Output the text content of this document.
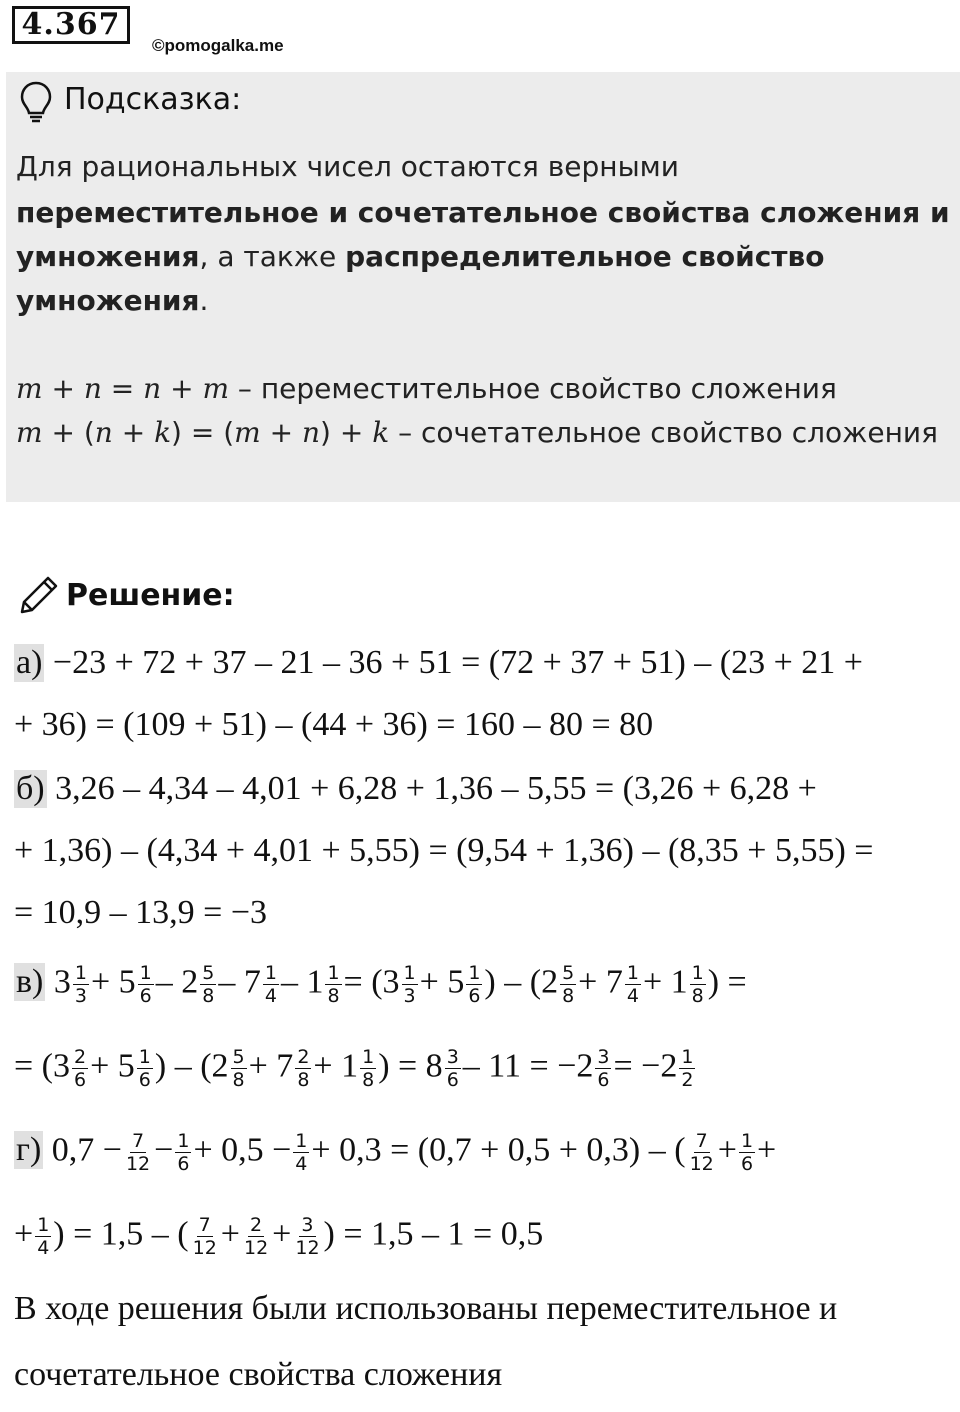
4.367
©pomogalka.me
Подсказка:
Для рациональных чисел остаются верными
переместительное и сочетательное свойства сложения и
умножения, а также распределительное свойство
умножения.
m + n = n + m – переместительное свойство сложения
m + (n + k) = (m + n) + k – сочетательное свойство сложения
Решение:
а) −23 + 72 + 37 – 21 – 36 + 51 = (72 + 37 + 51) – (23 + 21 +
+ 36) = (109 + 51) – (44 + 36) = 160 – 80 = 80
б) 3,26 – 4,34 – 4,01 + 6,28 + 1,36 – 5,55 = (3,26 + 6,28 +
+ 1,36) – (4,34 + 4,01 + 5,55) = (9,54 + 1,36) – (8,35 + 5,55) =
= 10,9 – 13,9 = −3
в) $3 \frac{1}{3} + 5 \frac{1}{6} - 2 \frac{5}{8} - 7 \frac{1}{4} - 1 \frac{1}{8} = (3 \frac{1}{3} + 5 \frac{1}{6}$ ) – ($2 \frac{5}{8} + 7 \frac{1}{4} + 1 \frac{1}{8}$ ) =
= ($3 \frac{2}{6} + 5 \frac{1}{6}$ ) – ($2 \frac{5}{8} + 7 \frac{2}{8} + 1 \frac{1}{8}$ ) = $8 \frac{3}{6} - 11 = -2 \frac{3}{6} = -2 \frac{1}{2}$
г) $0,7 - \frac{7}{12} - \frac{1}{6} + 0,5 - \frac{1}{4} + 0,3 = (0,7 + 0,5 + 0,3)$ – ( $\frac{7}{12} + \frac{1}{6}$ +
+ $\frac{1}{4}$ ) = 1,5 – ( $\frac{7}{12} + \frac{2}{12} + \frac{3}{12}$ ) = 1,5 – 1 = 0,5
В ходе решения были использованы переместительное и
сочетательное свойства сложения
